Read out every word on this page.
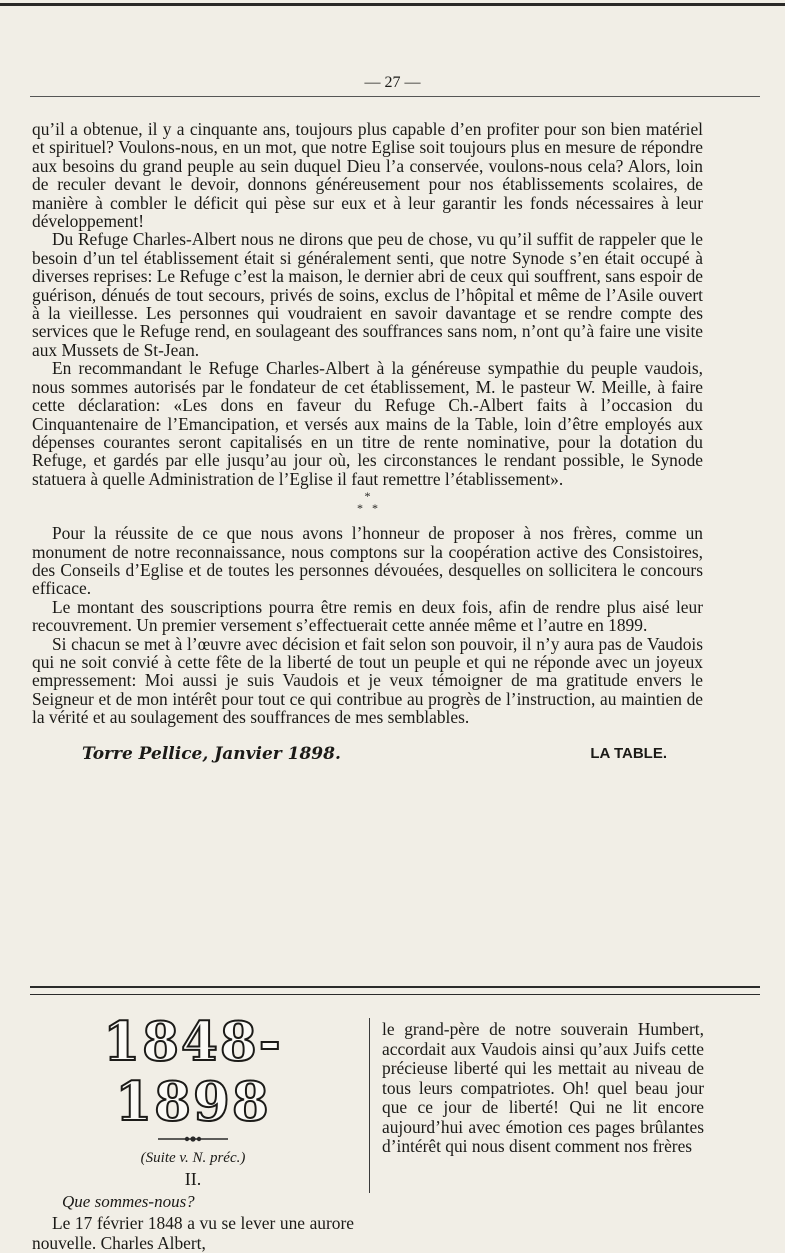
— 27 —

qu’il a obtenue, il y a cinquante ans, toujours plus capable d’en profiter pour son bien matériel et spirituel? Voulons-nous, en un mot, que notre Eglise soit toujours plus en mesure de répondre aux besoins du grand peuple au sein duquel Dieu l’a conservée, voulons-nous cela? Alors, loin de reculer devant le devoir, donnons généreusement pour nos établissements scolaires, de manière à combler le déficit qui pèse sur eux et à leur garantir les fonds nécessaires à leur développement!

Du Refuge Charles-Albert nous ne dirons que peu de chose, vu qu’il suffit de rappeler que le besoin d’un tel établissement était si généralement senti, que notre Synode s’en était occupé à diverses reprises: Le Refuge c’est la maison, le dernier abri de ceux qui souffrent, sans espoir de guérison, dénués de tout secours, privés de soins, exclus de l’hôpital et même de l’Asile ouvert à la vieillesse. Les personnes qui voudraient en savoir davantage et se rendre compte des services que le Refuge rend, en soulageant des souffrances sans nom, n’ont qu’à faire une visite aux Mussets de St-Jean.

En recommandant le Refuge Charles-Albert à la généreuse sympathie du peuple vaudois, nous sommes autorisés par le fondateur de cet établissement, M. le pasteur W. Meille, à faire cette déclaration: «Les dons en faveur du Refuge Ch.-Albert faits à l’occasion du Cinquantenaire de l’Emancipation, et versés aux mains de la Table, loin d’être employés aux dépenses courantes seront capitalisés en un titre de rente nominative, pour la dotation du Refuge, et gardés par elle jusqu’au jour où, les circonstances le rendant possible, le Synode statuera à quelle Administration de l’Eglise il faut remettre l’établissement».

*
*   *

Pour la réussite de ce que nous avons l’honneur de proposer à nos frères, comme un monument de notre reconnaissance, nous comptons sur la coopération active des Consistoires, des Conseils d’Eglise et de toutes les personnes dévouées, desquelles on sollicitera le concours efficace.

Le montant des souscriptions pourra être remis en deux fois, afin de rendre plus aisé leur recouvrement. Un premier versement s’effectuerait cette année même et l’autre en 1899.

Si chacun se met à l’œuvre avec décision et fait selon son pouvoir, il n’y aura pas de Vaudois qui ne soit convié à cette fête de la liberté de tout un peuple et qui ne réponde avec un joyeux empressement: Moi aussi je suis Vaudois et je veux témoigner de ma gratitude envers le Seigneur et de mon intérêt pour tout ce qui contribue au progrès de l’instruction, au maintien de la vérité et au soulagement des souffrances de mes semblables.

Torre Pellice, Janvier 1898.	LA TABLE.
1848-1898
(Suite v. N. préc.)
II.
Que sommes-nous?
Le 17 février 1848 a vu se lever une aurore nouvelle. Charles Albert,
le grand-père de notre souverain Humbert, accordait aux Vaudois ainsi qu’aux Juifs cette précieuse liberté qui les mettait au niveau de tous leurs compatriotes. Oh! quel beau jour que ce jour de liberté! Qui ne lit encore aujourd’hui avec émotion ces pages brûlantes d’intérêt qui nous disent comment nos frères
